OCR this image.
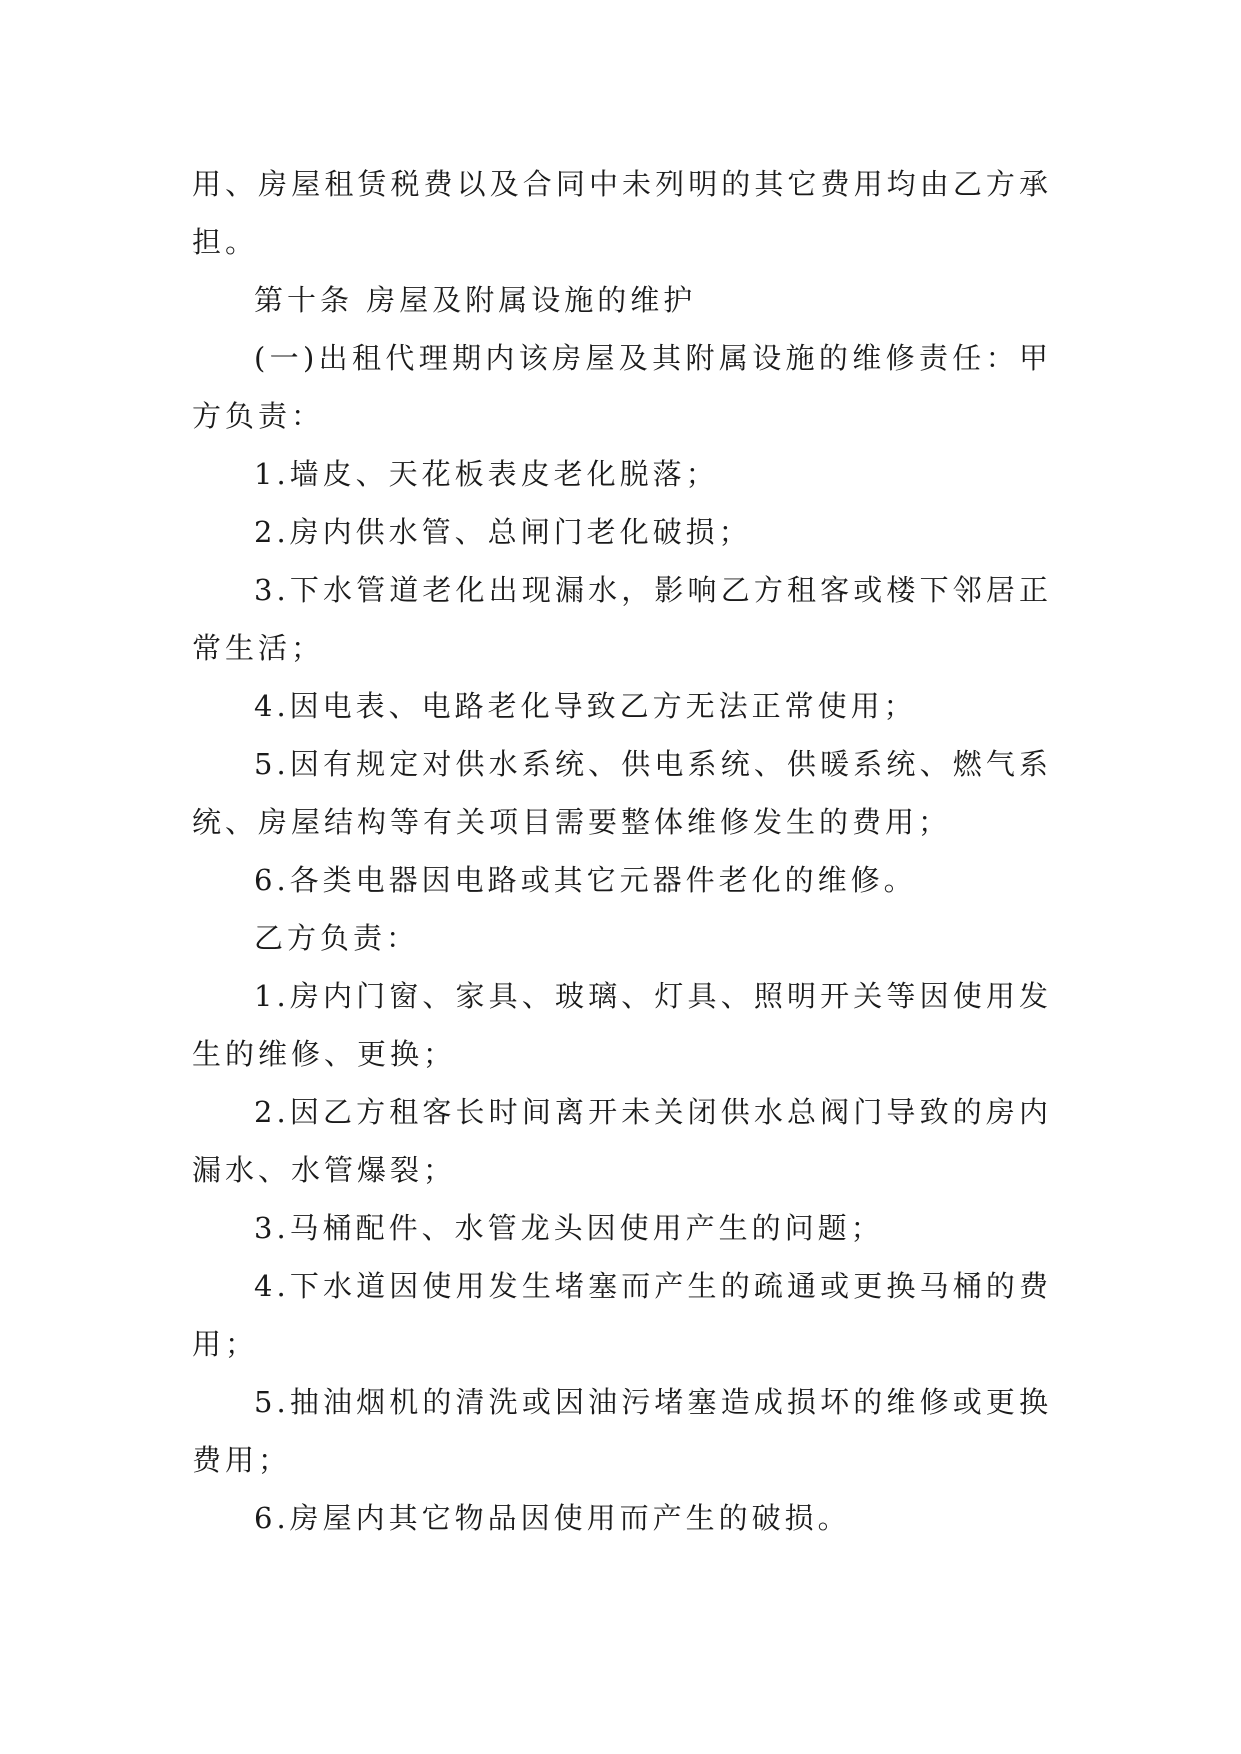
用、房屋租赁税费以及合同中未列明的其它费用均由乙方承担。

第十条 房屋及附属设施的维护

(一)出租代理期内该房屋及其附属设施的维修责任：甲方负责：

1.墙皮、天花板表皮老化脱落；

2.房内供水管、总闸门老化破损；

3.下水管道老化出现漏水，影响乙方租客或楼下邻居正常生活；

4.因电表、电路老化导致乙方无法正常使用；

5.因有规定对供水系统、供电系统、供暖系统、燃气系统、房屋结构等有关项目需要整体维修发生的费用；

6.各类电器因电路或其它元器件老化的维修。

乙方负责：

1.房内门窗、家具、玻璃、灯具、照明开关等因使用发生的维修、更换；

2.因乙方租客长时间离开未关闭供水总阀门导致的房内漏水、水管爆裂；

3.马桶配件、水管龙头因使用产生的问题；

4.下水道因使用发生堵塞而产生的疏通或更换马桶的费用；

5.抽油烟机的清洗或因油污堵塞造成损坏的维修或更换费用；

6.房屋内其它物品因使用而产生的破损。
